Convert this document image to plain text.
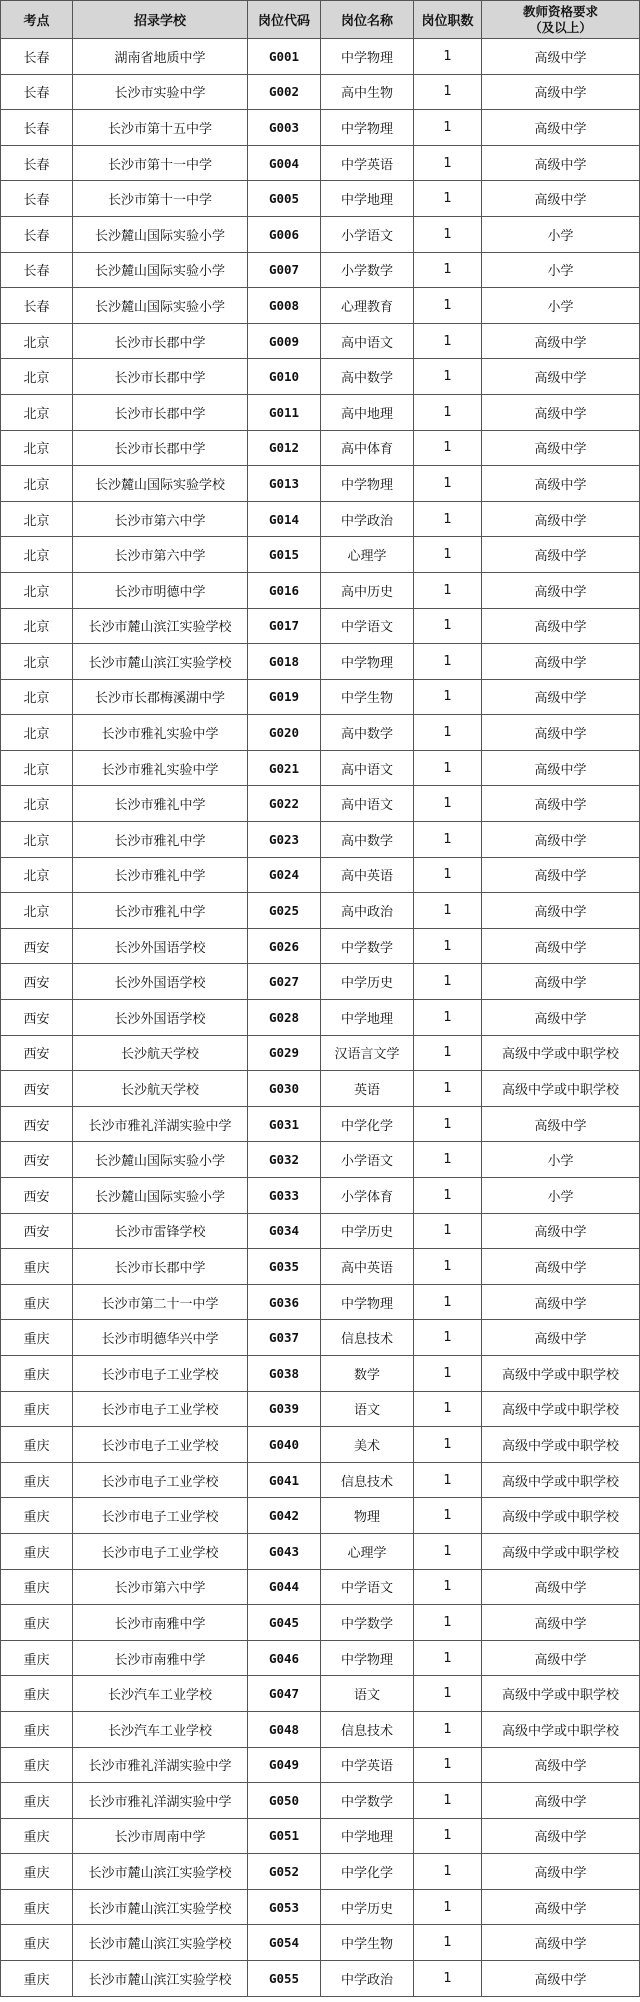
考点	招录学校	岗位代码	岗位名称	岗位职数	教师资格要求
（及以上）
长春	湖南省地质中学	G001	中学物理	1	高级中学
长春	长沙市实验中学	G002	高中生物	1	高级中学
长春	长沙市第十五中学	G003	中学物理	1	高级中学
长春	长沙市第十一中学	G004	中学英语	1	高级中学
长春	长沙市第十一中学	G005	中学地理	1	高级中学
长春	长沙麓山国际实验小学	G006	小学语文	1	小学
长春	长沙麓山国际实验小学	G007	小学数学	1	小学
长春	长沙麓山国际实验小学	G008	心理教育	1	小学
北京	长沙市长郡中学	G009	高中语文	1	高级中学
北京	长沙市长郡中学	G010	高中数学	1	高级中学
北京	长沙市长郡中学	G011	高中地理	1	高级中学
北京	长沙市长郡中学	G012	高中体育	1	高级中学
北京	长沙麓山国际实验学校	G013	中学物理	1	高级中学
北京	长沙市第六中学	G014	中学政治	1	高级中学
北京	长沙市第六中学	G015	心理学	1	高级中学
北京	长沙市明德中学	G016	高中历史	1	高级中学
北京	长沙市麓山滨江实验学校	G017	中学语文	1	高级中学
北京	长沙市麓山滨江实验学校	G018	中学物理	1	高级中学
北京	长沙市长郡梅溪湖中学	G019	中学生物	1	高级中学
北京	长沙市雅礼实验中学	G020	高中数学	1	高级中学
北京	长沙市雅礼实验中学	G021	高中语文	1	高级中学
北京	长沙市雅礼中学	G022	高中语文	1	高级中学
北京	长沙市雅礼中学	G023	高中数学	1	高级中学
北京	长沙市雅礼中学	G024	高中英语	1	高级中学
北京	长沙市雅礼中学	G025	高中政治	1	高级中学
西安	长沙外国语学校	G026	中学数学	1	高级中学
西安	长沙外国语学校	G027	中学历史	1	高级中学
西安	长沙外国语学校	G028	中学地理	1	高级中学
西安	长沙航天学校	G029	汉语言文学	1	高级中学或中职学校
西安	长沙航天学校	G030	英语	1	高级中学或中职学校
西安	长沙市雅礼洋湖实验中学	G031	中学化学	1	高级中学
西安	长沙麓山国际实验小学	G032	小学语文	1	小学
西安	长沙麓山国际实验小学	G033	小学体育	1	小学
西安	长沙市雷锋学校	G034	中学历史	1	高级中学
重庆	长沙市长郡中学	G035	高中英语	1	高级中学
重庆	长沙市第二十一中学	G036	中学物理	1	高级中学
重庆	长沙市明德华兴中学	G037	信息技术	1	高级中学
重庆	长沙市电子工业学校	G038	数学	1	高级中学或中职学校
重庆	长沙市电子工业学校	G039	语文	1	高级中学或中职学校
重庆	长沙市电子工业学校	G040	美术	1	高级中学或中职学校
重庆	长沙市电子工业学校	G041	信息技术	1	高级中学或中职学校
重庆	长沙市电子工业学校	G042	物理	1	高级中学或中职学校
重庆	长沙市电子工业学校	G043	心理学	1	高级中学或中职学校
重庆	长沙市第六中学	G044	中学语文	1	高级中学
重庆	长沙市南雅中学	G045	中学数学	1	高级中学
重庆	长沙市南雅中学	G046	中学物理	1	高级中学
重庆	长沙汽车工业学校	G047	语文	1	高级中学或中职学校
重庆	长沙汽车工业学校	G048	信息技术	1	高级中学或中职学校
重庆	长沙市雅礼洋湖实验中学	G049	中学英语	1	高级中学
重庆	长沙市雅礼洋湖实验中学	G050	中学数学	1	高级中学
重庆	长沙市周南中学	G051	中学地理	1	高级中学
重庆	长沙市麓山滨江实验学校	G052	中学化学	1	高级中学
重庆	长沙市麓山滨江实验学校	G053	中学历史	1	高级中学
重庆	长沙市麓山滨江实验学校	G054	中学生物	1	高级中学
重庆	长沙市麓山滨江实验学校	G055	中学政治	1	高级中学
